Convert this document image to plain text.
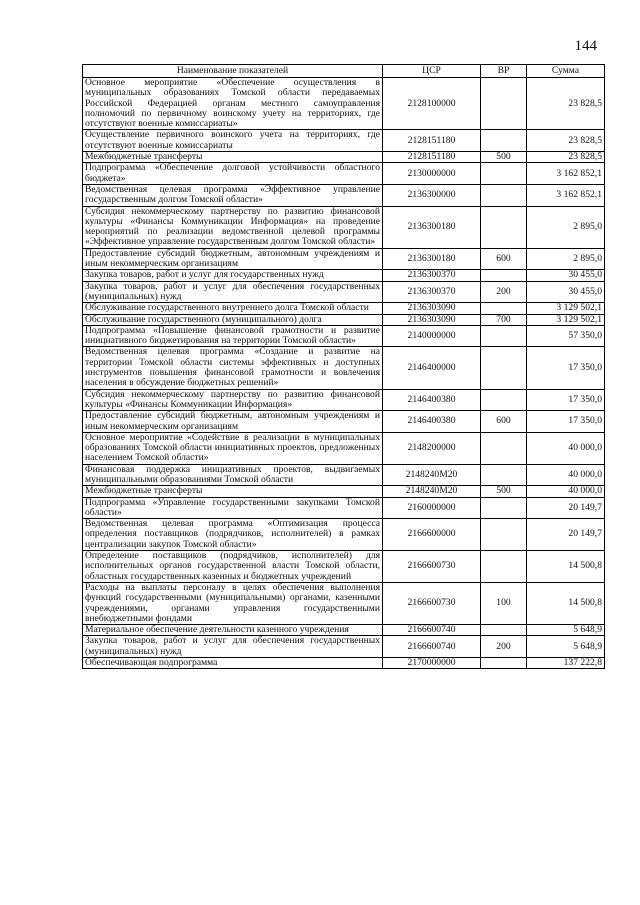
144
Наименование показателей	ЦСР	ВР	Сумма
Основное мероприятие «Обеспечение осуществления в муниципальных образованиях Томской области передаваемых Российской Федерацией органам местного самоуправления полномочий по первичному воинскому учету на территориях, где отсутствуют военные комиссариаты»	2128100000		23 828,5
Осуществление первичного воинского учета на территориях, где отсутствуют военные комиссариаты	2128151180		23 828,5
Межбюджетные трансферты	2128151180	500	23 828,5
Подпрограмма «Обеспечение долговой устойчивости областного бюджета»	2130000000		3 162 852,1
Ведомственная целевая программа «Эффективное управление государственным долгом Томской области»	2136300000		3 162 852,1
Субсидия некоммерческому партнерству по развитию финансовой культуры «Финансы Коммуникации Информация» на проведение мероприятий по реализации ведомственной целевой программы «Эффективное управление государственным долгом Томской области»	2136300180		2 895,0
Предоставление субсидий бюджетным, автономным учреждениям и иным некоммерческим организациям	2136300180	600	2 895,0
Закупка товаров, работ и услуг для государственных нужд	2136300370		30 455,0
Закупка товаров, работ и услуг для обеспечения государственных (муниципальных) нужд	2136300370	200	30 455,0
Обслуживание государственного внутреннего долга Томской области	2136303090		3 129 502,1
Обслуживание государственного (муниципального) долга	2136303090	700	3 129 502,1
Подпрограмма «Повышение финансовой грамотности и развитие инициативного бюджетирования на территории Томской области»	2140000000		57 350,0
Ведомственная целевая программа «Создание и развитие на территории Томской области системы эффективных и доступных инструментов повышения финансовой грамотности и вовлечения населения в обсуждение бюджетных решений»	2146400000		17 350,0
Субсидия некоммерческому партнерству по развитию финансовой культуры «Финансы Коммуникации Информация»	2146400380		17 350,0
Предоставление субсидий бюджетным, автономным учреждениям и иным некоммерческим организациям	2146400380	600	17 350,0
Основное мероприятие «Содействие в реализации в муниципальных образованиях Томской области инициативных проектов, предложенных населением Томской области»	2148200000		40 000,0
Финансовая поддержка инициативных проектов, выдвигаемых муниципальными образованиями Томской области	2148240M20		40 000,0
Межбюджетные трансферты	2148240M20	500	40 000,0
Подпрограмма «Управление государственными закупками Томской области»	2160000000		20 149,7
Ведомственная целевая программа «Оптимизация процесса определения поставщиков (подрядчиков, исполнителей) в рамках централизации закупок Томской области»	2166600000		20 149,7
Определение поставщиков (подрядчиков, исполнителей) для исполнительных органов государственной власти Томской области, областных государственных казенных и бюджетных учреждений	2166600730		14 500,8
Расходы на выплаты персоналу в целях обеспечения выполнения функций государственными (муниципальными) органами, казенными учреждениями, органами управления государственными внебюджетными фондами	2166600730	100	14 500,8
Материальное обеспечение деятельности казенного учреждения	2166600740		5 648,9
Закупка товаров, работ и услуг для обеспечения государственных (муниципальных) нужд	2166600740	200	5 648,9
Обеспечивающая подпрограмма	2170000000		137 222,8
